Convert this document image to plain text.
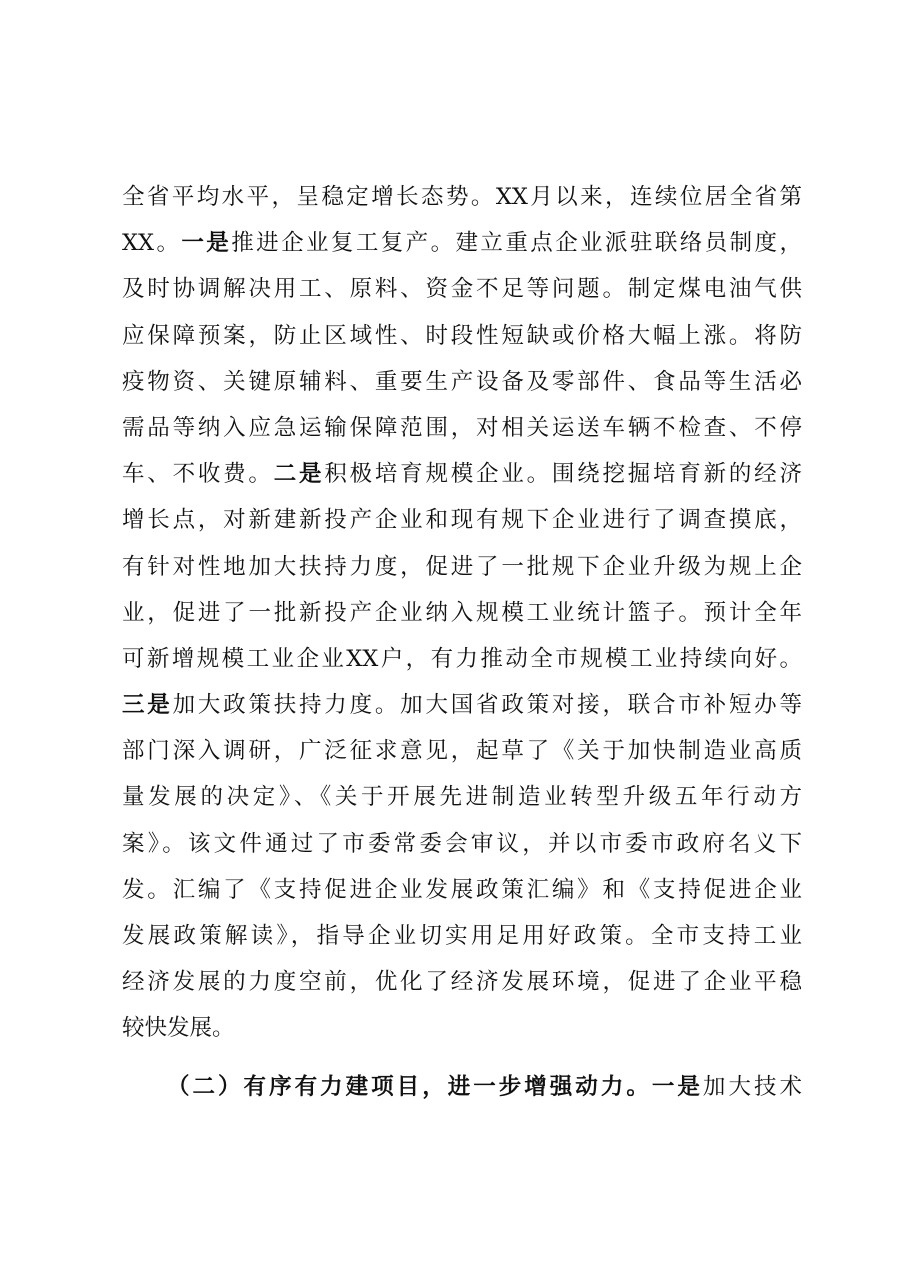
全省平均水平，呈稳定增长态势。XX月以来，连续位居全省第
XX。一是推进企业复工复产。建立重点企业派驻联络员制度，
及时协调解决用工、原料、资金不足等问题。制定煤电油气供
应保障预案，防止区域性、时段性短缺或价格大幅上涨。将防
疫物资、关键原辅料、重要生产设备及零部件、食品等生活必
需品等纳入应急运输保障范围，对相关运送车辆不检查、不停
车、不收费。二是积极培育规模企业。围绕挖掘培育新的经济
增长点，对新建新投产企业和现有规下企业进行了调查摸底，
有针对性地加大扶持力度，促进了一批规下企业升级为规上企
业，促进了一批新投产企业纳入规模工业统计篮子。预计全年
可新增规模工业企业XX户，有力推动全市规模工业持续向好。
三是加大政策扶持力度。加大国省政策对接，联合市补短办等
部门深入调研，广泛征求意见，起草了《关于加快制造业高质
量发展的决定》、《关于开展先进制造业转型升级五年行动方
案》。该文件通过了市委常委会审议，并以市委市政府名义下
发。汇编了《支持促进企业发展政策汇编》和《支持促进企业
发展政策解读》，指导企业切实用足用好政策。全市支持工业
经济发展的力度空前，优化了经济发展环境，促进了企业平稳
较快发展。
（二）有序有力建项目，进一步增强动力。一是加大技术
